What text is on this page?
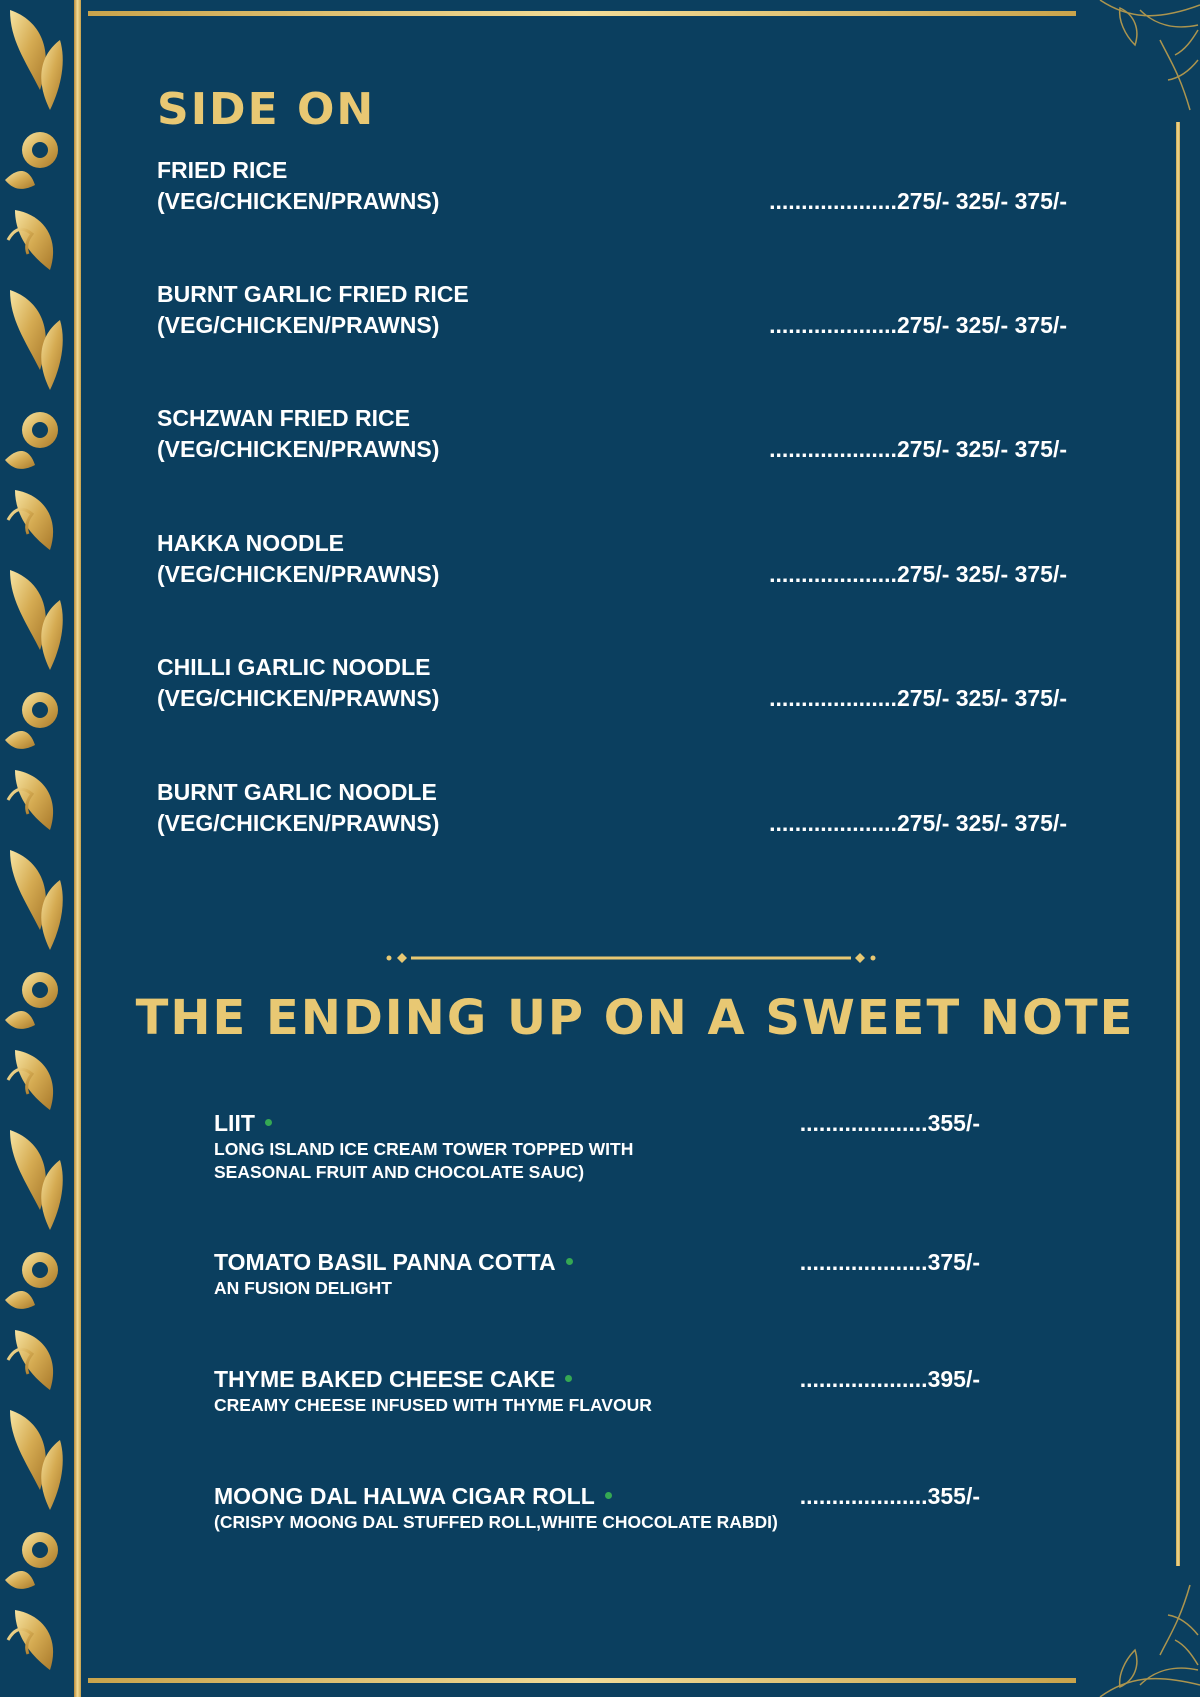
SIDE ON
FRIED RICE
(VEG/CHICKEN/PRAWNS)	....................275/- 325/- 375/-
BURNT GARLIC FRIED RICE
(VEG/CHICKEN/PRAWNS)	....................275/- 325/- 375/-
SCHZWAN FRIED RICE
(VEG/CHICKEN/PRAWNS)	....................275/- 325/- 375/-
HAKKA NOODLE
(VEG/CHICKEN/PRAWNS)	....................275/- 325/- 375/-
CHILLI GARLIC NOODLE
(VEG/CHICKEN/PRAWNS)	....................275/- 325/- 375/-
BURNT GARLIC NOODLE
(VEG/CHICKEN/PRAWNS)	....................275/- 325/- 375/-
THE ENDING UP ON A SWEET NOTE
LIIT
LONG ISLAND ICE CREAM TOWER TOPPED WITH
SEASONAL FRUIT AND CHOCOLATE SAUC)
....................355/-
TOMATO BASIL PANNA COTTA
AN FUSION DELIGHT
....................375/-
THYME BAKED CHEESE CAKE
CREAMY CHEESE INFUSED WITH THYME FLAVOUR
....................395/-
MOONG DAL HALWA CIGAR ROLL
(CRISPY MOONG DAL STUFFED ROLL,WHITE CHOCOLATE RABDI)
....................355/-
